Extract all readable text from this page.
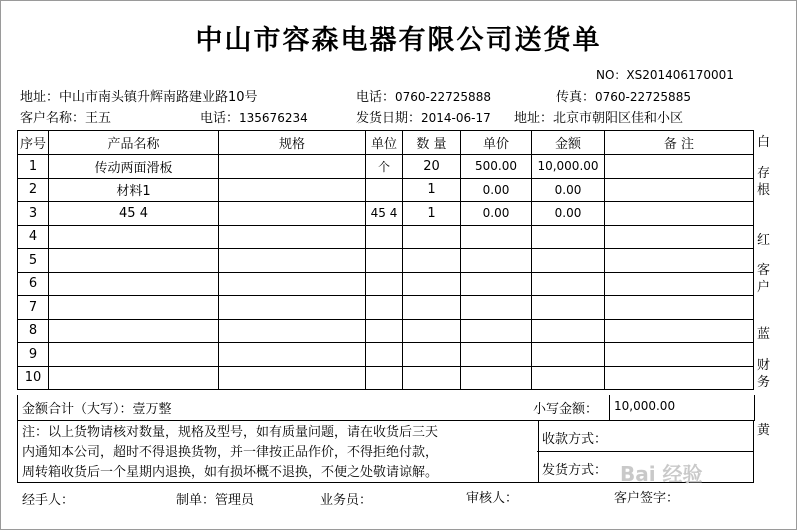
中山市容森电器有限公司送货单
NO：XS201406170001
地址：中山市南头镇升辉南路建业路10号	电话：0760-22725888	传真：0760-22725885
客户名称：王五	电话：135676234	发货日期：2014-06-17 地址：北京市朝阳区佳和小区
序号	产品名称	规格	单位	数 量	单价	金额	备 注
1	传动两面滑板		个	20	500.00	10,000.00	
2	材料1			1	0.00	0.00	
3	45 4		45 4	1	0.00	0.00	
4							
5							
6							
7							
8							
9							
10							
金额合计（大写）：壹万整	小写金额： 10,000.00
注：以上货物请核对数量，规格及型号，如有质量问题，请在收货后三天
内通知本公司，超时不得退换货物，并一律按正品作价，不得拒绝付款，
周转箱收货后一个星期内退换，如有损坏概不退换，不便之处敬请谅解。
收款方式：
发货方式：
经手人：	制单：管理员	业务员：	审核人：	客户签字：
白
存
根
红
客
户
蓝
财
务
黄
Bai 经验
